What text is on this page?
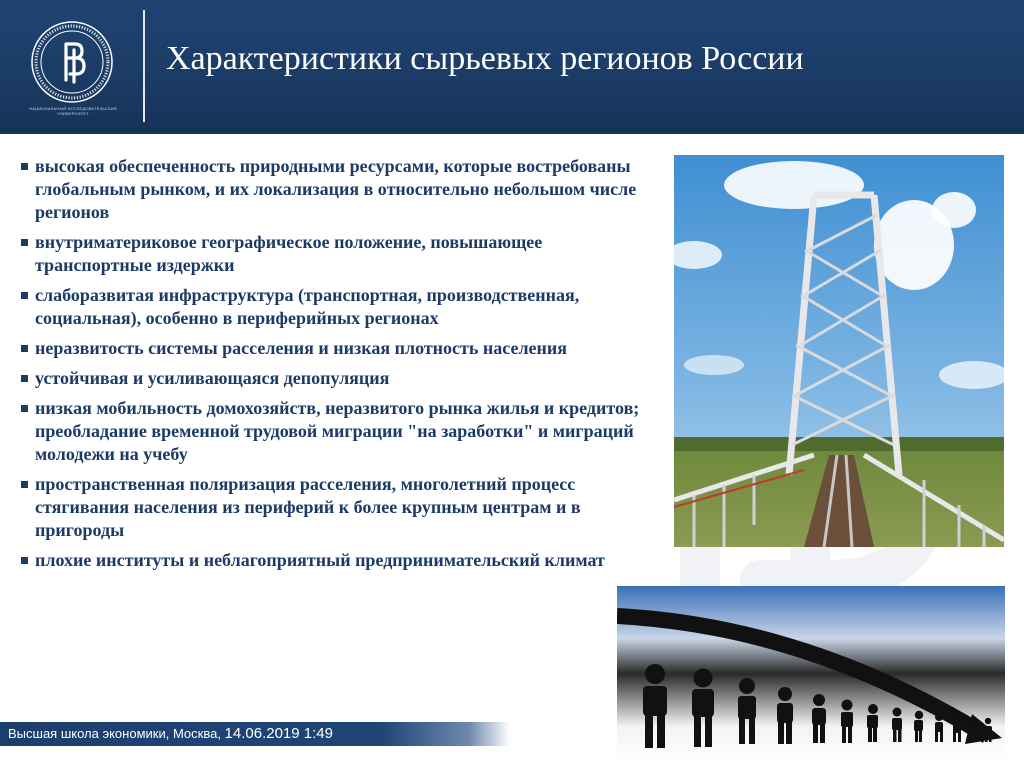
НАЦИОНАЛЬНЫЙ ИССЛЕДОВАТЕЛЬСКИЙ УНИВЕРСИТЕТ
Характеристики сырьевых регионов России
высокая обеспеченность природными ресурсами, которые востребованы глобальным рынком, и их локализация в относительно небольшом числе регионов
внутриматериковое географическое положение, повышающее транспортные издержки
слаборазвитая инфраструктура (транспортная, производственная, социальная), особенно в периферийных регионах
неразвитость системы расселения и низкая плотность населения
устойчивая и усиливающаяся депопуляция
низкая мобильность домохозяйств, неразвитого рынка жилья и кредитов; преобладание временной трудовой миграции "на заработки" и миграций молодежи на учебу
пространственная поляризация расселения, многолетний процесс стягивания населения из периферий к более крупным центрам и в пригороды
плохие институты и неблагоприятный предпринимательский климат
Высшая школа экономики, Москва, 14.06.2019 1:49
